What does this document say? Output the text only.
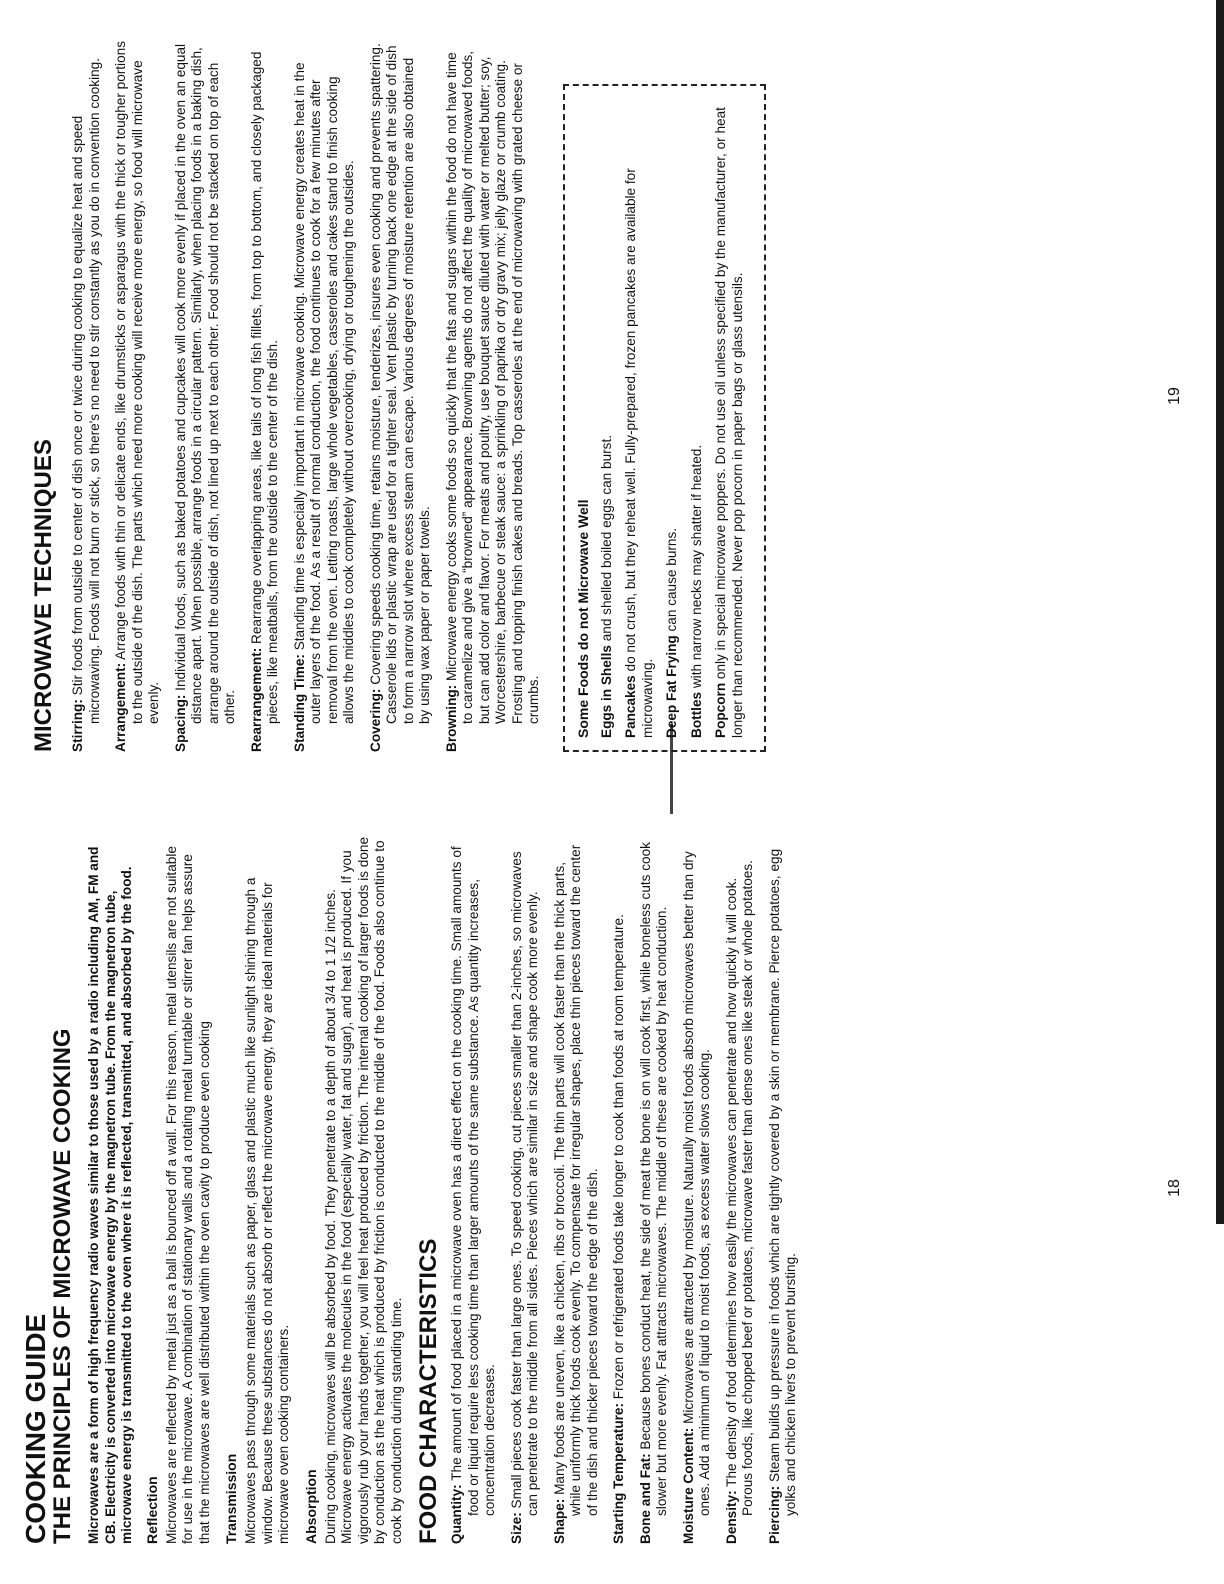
COOKING GUIDE
THE PRINCIPLES OF MICROWAVE COOKING Microwaves are a form of high frequency radio waves similar to those used by a radio including AM, FM and CB. Electricity is converted into microwave energy by the magnetron tube. From the magnetron tube, microwave energy is transmitted to the oven where it is reflected, transmitted, and absorbed by the food. Reflection Microwaves are reflected by metal just as a ball is bounced off a wall. For this reason, metal utensils are not suitable for use in the microwave. A combination of stationary walls and a rotating metal turntable or stirrer fan helps assure that the microwaves are well distributed within the oven cavity to produce even cooking Transmission Microwaves pass through some materials such as paper, glass and plastic much like sunlight shining through a window. Because these substances do not absorb or reflect the microwave energy, they are ideal materials for microwave oven cooking containers. Absorption During cooking, microwaves will be absorbed by food. They penetrate to a depth of about 3/4 to 1 1/2 inches. Microwave energy activates the molecules in the food (especially water, fat and sugar), and heat is produced. If you vigorously rub your hands together, you will feel heat produced by friction. The internal cooking of larger foods is done by conduction as the heat which is produced by friction is conducted to the middle of the food. Foods also continue to cook by conduction during standing time. FOOD CHARACTERISTICS Quantity: The amount of food placed in a microwave oven has a direct effect on the cooking time. Small amounts of food or liquid require less cooking time than larger amounts of the same substance. As quantity increases, concentration decreases.
Size: Small pieces cook faster than large ones. To speed cooking, cut pieces smaller than 2-inches, so microwaves can penetrate to the middle from all sides. Pieces which are similar in size and shape cook more evenly.
Shape: Many foods are uneven, like a chicken, ribs or broccoli. The thin parts will cook faster than the thick parts, while uniformly thick foods cook evenly. To compensate for irregular shapes, place thin pieces toward the center of the dish and thicker pieces toward the edge of the dish. Starting Temperature: Frozen or refrigerated foods take longer to cook than foods at room temperature.
Bone and Fat: Because bones conduct heat, the side of meat the bone is on will cook first, while boneless cuts cook slower but more evenly. Fat attracts microwaves. The middle of these are cooked by heat conduction. Moisture Content: Microwaves are attracted by moisture. Naturally moist foods absorb microwaves better than dry ones. Add a minimum of liquid to moist foods, as excess water slows cooking.
Density: The density of food determines how easily the microwaves can penetrate and how quickly it will cook. Porous foods, like chopped beef or potatoes, microwave faster than dense ones like steak or whole potatoes. Piercing: Steam builds up pressure in foods which are tightly covered by a skin or membrane. Pierce potatoes, egg yolks and chicken livers to prevent bursting.
18
MICROWAVE TECHNIQUES Stirring: Stir foods from outside to center of dish once or twice during cooking to equalize heat and speed microwaving. Foods will not burn or stick, so there's no need to stir constantly as you do in convention cooking. Arrangement: Arrange foods with thin or delicate ends, like drumsticks or asparagus with the thick or tougher portions to the outside of the dish. The parts which need more cooking will receive more energy, so food will microwave evenly. Spacing: Individual foods, such as baked potatoes and cupcakes will cook more evenly if placed in the oven an equal distance apart. When possible, arrange foods in a circular pattern. Similarly, when placing foods in a baking dish, arrange around the outside of dish, not lined up next to each other. Food should not be stacked on top of each other. Rearrangement: Rearrange overlapping areas, like tails of long fish fillets, from top to bottom, and closely packaged pieces, like meatballs, from the outside to the center of the dish. Standing Time: Standing time is especially important in microwave cooking. Microwave energy creates heat in the outer layers of the food. As a result of normal conduction, the food continues to cook for a few minutes after removal from the oven. Letting roasts, large whole vegetables, casseroles and cakes stand to finish cooking allows the middles to cook completely without overcooking, drying or toughening the outsides. Covering: Covering speeds cooking time, retains moisture, tenderizes, insures even cooking and prevents spattering. Casserole lids or plastic wrap are used for a tighter seal. Vent plastic by turning back one edge at the side of dish to form a narrow slot where excess steam can escape. Various degrees of moisture retention are also obtained by using wax paper or paper towels. Browning: Microwave energy cooks some foods so quickly that the fats and sugars within the food do not have time to caramelize and give a “browned” appearance. Browning agents do not affect the quality of microwaved foods, but can add color and flavor. For meats and poultry, use bouquet sauce diluted with water or melted butter; soy, Worcestershire, barbecue or steak sauce: a sprinkling of paprika or dry gravy mix; jelly glaze or crumb coating. Frosting and topping finish cakes and breads. Top casseroles at the end of microwaving with grated cheese or crumbs. Some Foods do not Microwave Well Eggs in Shells and shelled boiled eggs can burst.
Pancakes do not crush, but they reheat well. Fully-prepared, frozen pancakes are available for microwaving. Deep Fat Frying can cause burns.
Bottles with narrow necks may shatter if heated.
Popcorn only in special microwave poppers. Do not use oil unless specified by the manufacturer, or heat longer than recommended. Never pop pocorn in paper bags or glass utensils.	19
